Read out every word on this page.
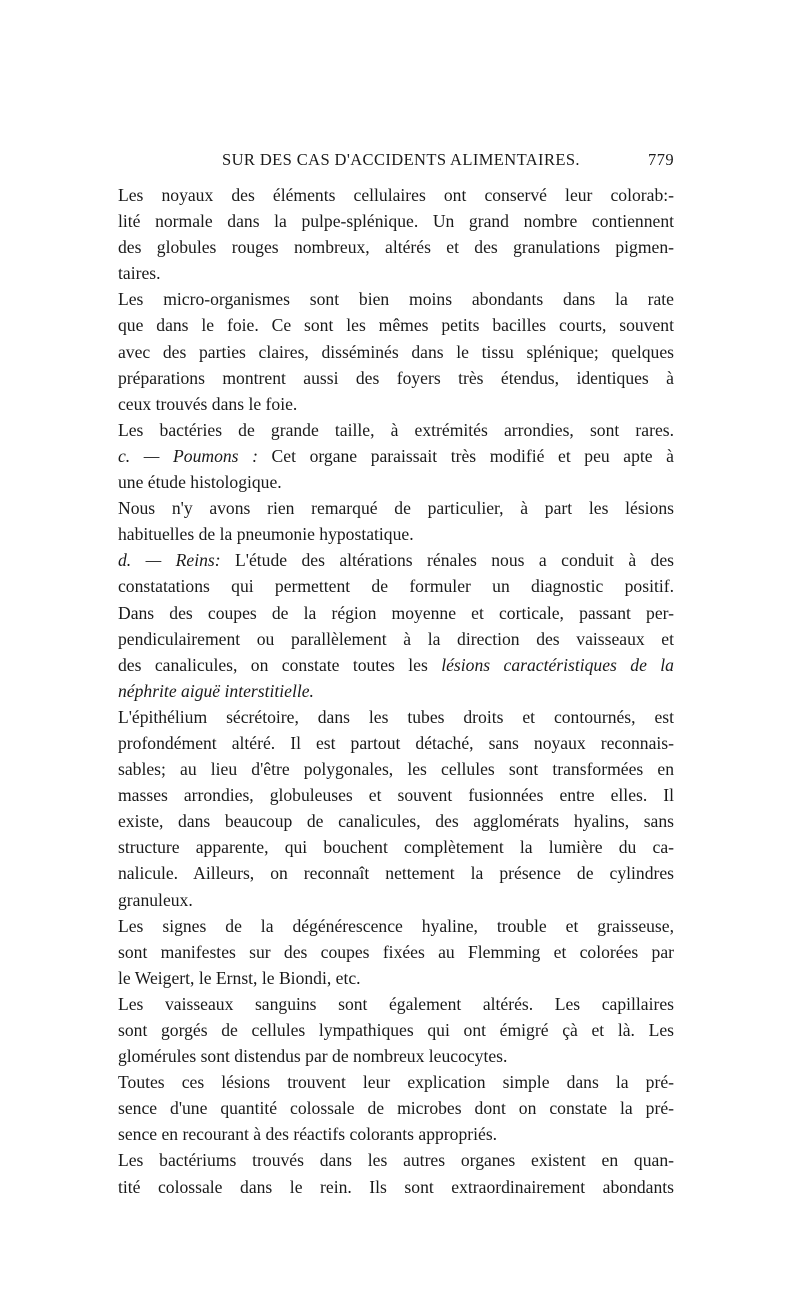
SUR DES CAS D'ACCIDENTS ALIMENTAIRES.	779

Les noyaux des éléments cellulaires ont conservé leur colorab:-
lité normale dans la pulpe-splénique. Un grand nombre contiennent
des globules rouges nombreux, altérés et des granulations pigmen-
taires.

Les micro-organismes sont bien moins abondants dans la rate
que dans le foie. Ce sont les mêmes petits bacilles courts, souvent
avec des parties claires, disséminés dans le tissu splénique; quelques
préparations montrent aussi des foyers très étendus, identiques à
ceux trouvés dans le foie.

Les bactéries de grande taille, à extrémités arrondies, sont rares.

c. — Poumons : Cet organe paraissait très modifié et peu apte à
une étude histologique.

Nous n'y avons rien remarqué de particulier, à part les lésions
habituelles de la pneumonie hypostatique.

d. — Reins: L'étude des altérations rénales nous a conduit à des
constatations qui permettent de formuler un diagnostic positif.

Dans des coupes de la région moyenne et corticale, passant per-
pendiculairement ou parallèlement à la direction des vaisseaux et
des canalicules, on constate toutes les lésions caractéristiques de la
néphrite aiguë interstitielle.

L'épithélium sécrétoire, dans les tubes droits et contournés, est
profondément altéré. Il est partout détaché, sans noyaux reconnais-
sables; au lieu d'être polygonales, les cellules sont transformées en
masses arrondies, globuleuses et souvent fusionnées entre elles. Il
existe, dans beaucoup de canalicules, des agglomérats hyalins, sans
structure apparente, qui bouchent complètement la lumière du ca-
nalicule. Ailleurs, on reconnaît nettement la présence de cylindres
granuleux.

Les signes de la dégénérescence hyaline, trouble et graisseuse,
sont manifestes sur des coupes fixées au Flemming et colorées par
le Weigert, le Ernst, le Biondi, etc.

Les vaisseaux sanguins sont également altérés. Les capillaires
sont gorgés de cellules lympathiques qui ont émigré çà et là. Les
glomérules sont distendus par de nombreux leucocytes.

Toutes ces lésions trouvent leur explication simple dans la pré-
sence d'une quantité colossale de microbes dont on constate la pré-
sence en recourant à des réactifs colorants appropriés.

Les bactériums trouvés dans les autres organes existent en quan-
tité colossale dans le rein. Ils sont extraordinairement abondants
